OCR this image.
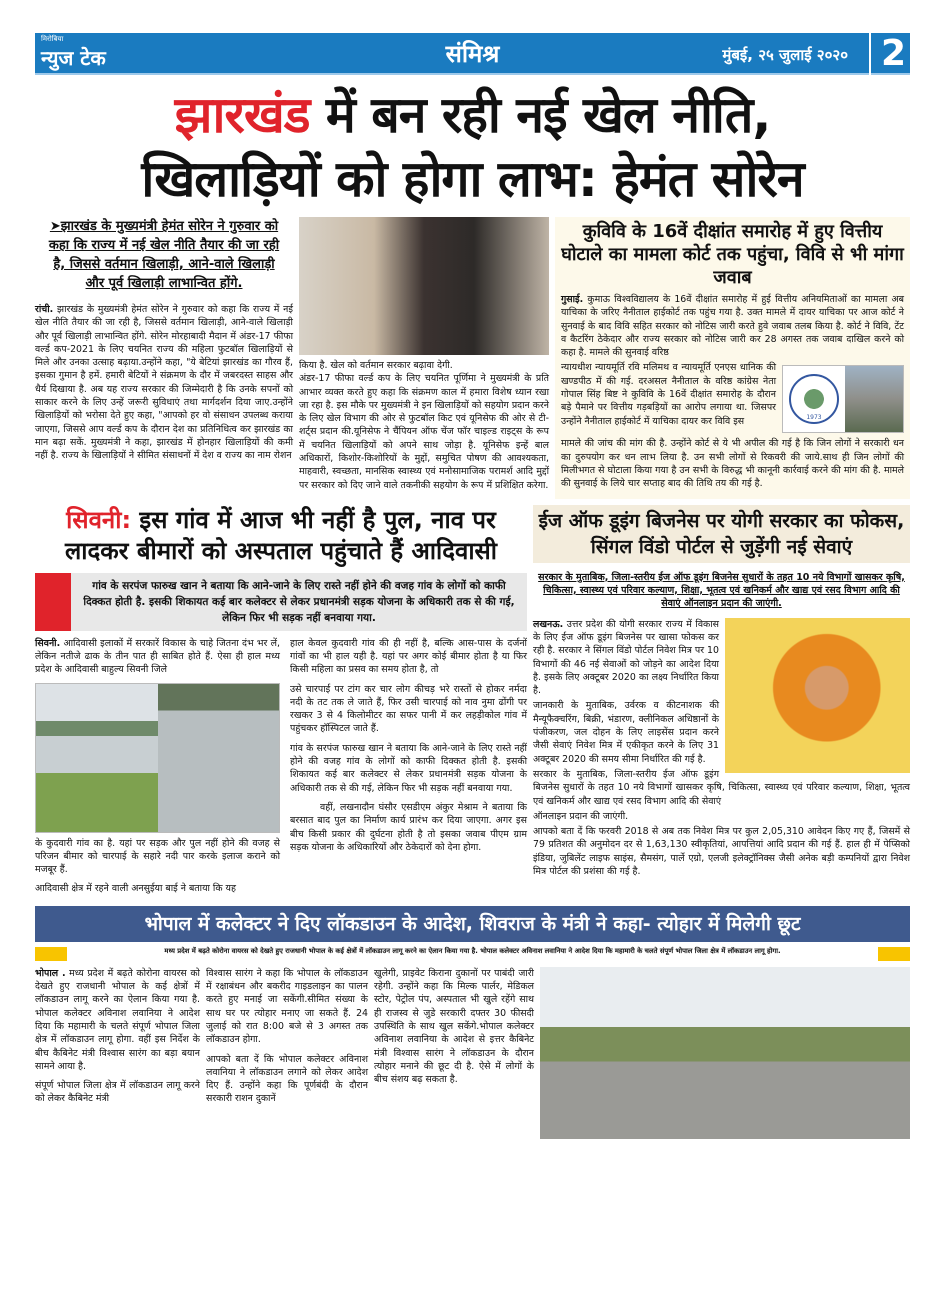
मिरोबिया
न्युज टेक	संमिश्र	मुंबई, २५ जुलाई २०२० 2
झारखंड में बन रही नई खेल नीति,
खिलाड़ियों को होगा लाभ: हेमंत सोरेन
➤झारखंड के मुख्यमंत्री हेमंत सोरेन ने गुरुवार को कहा कि राज्य में नई खेल नीति तैयार की जा रही है, जिससे वर्तमान खिलाड़ी, आने-वाले खिलाड़ी और पूर्व खिलाड़ी लाभान्वित होंगे.

रांची. झारखंड के मुख्यमंत्री हेमंत सोरेन ने गुरुवार को कहा कि राज्य में नई खेल नीति तैयार की जा रही है, जिससे वर्तमान खिलाड़ी, आने-वाले खिलाड़ी और पूर्व खिलाड़ी लाभान्वित होंगे. सोरेन मोरहाबादी मैदान में अंडर-17 फीफा वर्ल्ड कप-2021 के लिए चयनित राज्य की महिला फुटबॉल खिलाड़ियों से मिले और उनका उत्साह बढ़ाया.उन्होंने कहा, "ये बेटियां झारखंड का गौरव हैं, इसका गुमान है हमें. हमारी बेटियों ने संक्रमण के दौर में जबरदस्त साहस और धैर्य दिखाया है. अब यह राज्य सरकार की जिम्मेदारी है कि उनके सपनों को साकार करने के लिए उन्हें जरूरी सुविधाएं तथा मार्गदर्शन दिया जाए.उन्होंने खिलाड़ियों को भरोसा देते हुए कहा, "आपको हर वो संसाधन उपलब्ध कराया जाएगा, जिससे आप वर्ल्ड कप के दौरान देश का प्रतिनिधित्व कर झारखंड का मान बढ़ा सकें. मुख्यमंत्री ने कहा, झारखंड में होनहार खिलाड़ियों की कमी नहीं है. राज्य के खिलाड़ियों ने सीमित संसाधनों में देश व राज्य का नाम रोशन

किया है. खेल को वर्तमान सरकार बढ़ावा देगी.
अंडर-17 फीफा वर्ल्ड कप के लिए चयनित पूर्णिमा ने मुख्यमंत्री के प्रति आभार व्यक्त करते हुए कहा कि संक्रमण काल में हमारा विशेष ध्यान रखा जा रहा है. इस मौके पर मुख्यमंत्री ने इन खिलाड़ियों को सहयोग प्रदान करने के लिए खेल विभाग की ओर से फुटबॉल किट एवं यूनिसेफ की ओर से टी-शर्ट्स प्रदान की.यूनिसेफ ने चैंपियन ऑफ चेंज फॉर चाइल्ड राइट्स के रूप में चयनित खिलाड़ियों को अपने साथ जोड़ा है. यूनिसेफ इन्हें बाल अधिकारों, किशोर-किशोरियों के मुद्दों, समुचित पोषण की आवश्यकता, माहवारी, स्वच्छता, मानसिक स्वास्थ्य एवं मनोसामाजिक परामर्श आदि मुद्दों पर सरकार को दिए जाने वाले तकनीकी सहयोग के रूप में प्रशिक्षित करेगा.

कुविवि के 16वें दीक्षांत समारोह में हुए वित्तीय घोटाले का मामला कोर्ट तक पहुंचा, विवि से भी मांगा जवाब

गुसाई. कुमाऊ विश्वविद्यालय के 16वें दीक्षांत समारोह में हुई वित्तीय अनियमिताओं का मामला अब याचिका के जरिए नैनीताल हाईकोर्ट तक पहुंच गया है. उक्त मामले में दायर याचिका पर आज कोर्ट ने सुनवाई के बाद विवि सहित सरकार को नोटिस जारी करते हुवे जवाब तलब किया है. कोर्ट ने विवि, टेंट व कैटरिंग ठेकेदार और राज्य सरकार को नोटिस जारी कर 28 अगस्त तक जवाब दाखिल करने को कहा है. मामले की सुनवाई वरिष्ठ

1973

न्यायधीश न्यायमूर्ति रवि मलिमथ व न्यायमूर्ति एनएस धानिक की खण्डपीठ में की गई. दरअसल नैनीताल के वरिष्ठ कांग्रेस नेता गोपाल सिंह बिष्ट ने कुविवि के 16वें दीक्षांत समारोह के दौरान बड़े पैमाने पर वित्तीय गड़बड़ियों का आरोप लगाया था. जिसपर उन्होंने नैनीताल हाईकोर्ट में याचिका दायर कर विवि इस

मामले की जांच की मांग की है. उन्होंने कोर्ट से ये भी अपील की गई है कि जिन लोगों ने सरकारी धन का दुरुपयोग कर धन लाभ लिया है. उन सभी लोगों से रिकवरी की जाये.साथ ही जिन लोगों की मिलीभगत से घोटाला किया गया है उन सभी के विरुद्ध भी कानूनी कार्रवाई करने की मांग की है. मामले की सुनवाई के लिये चार सप्ताह बाद की तिथि तय की गई है.

सिवनी: इस गांव में आज भी नहीं है पुल, नाव पर लादकर बीमारों को अस्पताल पहुंचाते हैं आदिवासी
गांव के सरपंज फारुख खान ने बताया कि आने-जाने के लिए रास्ते नहीं होने की वजह गांव के लोगों को काफी दिक्कत होती है. इसकी शिकायत कई बार कलेक्टर से लेकर प्रधानमंत्री सड़क योजना के अधिकारी तक से की गई, लेकिन फिर भी सड़क नहीं बनवाया गया.

सिवनी. आदिवासी इलाकों में सरकारें विकास के चाहे जितना दंभ भर लें, लेकिन नतीजे ढाक के तीन पात ही साबित होते हैं. ऐसा ही हाल मध्य प्रदेश के आदिवासी बाहुल्य सिवनी जिले

के कुदवारी गांव का है. यहां पर सड़क और पुल नहीं होने की वजह से परिजन बीमार को चारपाई के सहारे नदी पार करके इलाज कराने को मजबूर हैं.

आदिवासी क्षेत्र में रहने वाली अनसुईया बाई ने बताया कि यह

हाल केवल कुदवारी गांव की ही नहीं है, बल्कि आस-पास के दर्जनों गांवों का भी हाल यही है. यहां पर अगर कोई बीमार होता है या फिर किसी महिला का प्रसव का समय होता है, तो

उसे चारपाई पर टांग कर चार लोग कीचड़ भरे रास्तों से होकर नर्मदा नदी के तट तक ले जाते हैं, फिर उसी चारपाई को नाव नुमा ढोंगी पर रखकर 3 से 4 किलोमीटर का सफर पानी में कर लहड़ीकोल गांव में पहुंचकर हॉस्पिटल जाते हैं.

गांव के सरपंज फारुख खान ने बताया कि आने-जाने के लिए रास्ते नहीं होने की वजह गांव के लोगों को काफी दिक्कत होती है. इसकी शिकायत कई बार कलेक्टर से लेकर प्रधानमंत्री सड़क योजना के अधिकारी तक से की गई, लेकिन फिर भी सड़क नहीं बनवाया गया.

वहीं, लखनादौन घंसौर एसडीएम अंकुर मेश्राम ने बताया कि बरसात बाद पुल का निर्माण कार्य प्रारंभ कर दिया जाएगा. अगर इस बीच किसी प्रकार की दुर्घटना होती है तो इसका जवाब पीएम ग्राम सड़क योजना के अधिकारियों और ठेकेदारों को देना होगा.

ईज ऑफ डूइंग बिजनेस पर योगी सरकार का फोकस, सिंगल विंडो पोर्टल से जुड़ेंगी नई सेवाएं
सरकार के मुताबिक, जिला-स्तरीय ईज ऑफ डूइंग बिजनेस सुधारों के तहत 10 नये विभागों खासकर कृषि, चिकित्सा, स्वास्थ्य एवं परिवार कल्याण, शिक्षा, भूतत्व एवं खनिकर्म और खाद्य एवं रसद विभाग आदि की सेवाएं ऑनलाइन प्रदान की जाएंगी.

लखनऊ. उत्तर प्रदेश की योगी सरकार राज्य में विकास के लिए ईज ऑफ डूइंग बिजनेस पर खासा फोकस कर रही है. सरकार ने सिंगल विंडो पोर्टल निवेश मित्र पर 10 विभागों की 46 नई सेवाओं को जोड़ने का आदेश दिया है. इसके लिए अक्टूबर 2020 का लक्ष्य निर्धारित किया है.

जानकारी के मुताबिक, उर्वरक व कीटनाशक की मैन्यूफैक्चरिंग, बिक्री, भंडारण, क्लीनिकल अधिष्ठानों के पंजीकरण, जल दोहन के लिए लाइसेंस प्रदान करने जैसी सेवाएं निवेश मित्र में एकीकृत करने के लिए 31 अक्टूबर 2020 की समय सीमा निर्धारित की गई है.

सरकार के मुताबिक, जिला-स्तरीय ईज ऑफ डूइंग बिजनेस सुधारों के तहत 10 नये विभागों खासकर कृषि, चिकित्सा, स्वास्थ्य एवं परिवार कल्याण, शिक्षा, भूतत्व एवं खनिकर्म और खाद्य एवं रसद विभाग आदि की सेवाएं

ऑनलाइन प्रदान की जाएंगी.

आपको बता दें कि फरवरी 2018 से अब तक निवेश मित्र पर कुल 2,05,310 आवेदन किए गए हैं, जिसमें से 79 प्रतिशत की अनुमोदन दर से 1,63,130 स्वीकृतियां, आपत्तियां आदि प्रदान की गई हैं. हाल ही में पेप्सिको इंडिया, जुबिलेंट लाइफ साइंस, सैमसंग, पार्ले एग्रो, एलजी इलेक्ट्रॉनिक्स जैसी अनेक बड़ी कम्पनियों द्वारा निवेश मित्र पोर्टल की प्रशंसा की गई है.

भोपाल में कलेक्टर ने दिए लॉकडाउन के आदेश, शिवराज के मंत्री ने कहा- त्योहार में मिलेगी छूट
मध्य प्रदेश में बढ़ते कोरोना वायरस को देखते हुए राजधानी भोपाल के कई क्षेत्रों में लॉकडाउन लागू करने का ऐलान किया गया है. भोपाल कलेक्टर अविनाश लवानिया ने आदेश दिया कि महामारी के चलते संपूर्ण भोपाल जिला क्षेत्र में लॉकडाउन लागू होगा.

भोपाल . मध्य प्रदेश में बढ़ते कोरोना वायरस को देखते हुए राजधानी भोपाल के कई क्षेत्रों में लॉकडाउन लागू करने का ऐलान किया गया है. भोपाल कलेक्टर अविनाश लवानिया ने आदेश दिया कि महामारी के चलते संपूर्ण भोपाल जिला क्षेत्र में लॉकडाउन लागू होगा. वहीं इस निर्देश के बीच कैबिनेट मंत्री विश्वास सारंग का बड़ा बयान सामने आया है.

संपूर्ण भोपाल जिला क्षेत्र में लॉकडाउन लागू करने को लेकर कैबिनेट मंत्री

विश्वास सारंग ने कहा कि भोपाल के लॉकडाउन में रक्षाबंधन और बकरीद गाइडलाइन का पालन करते हुए मनाई जा सकेंगी.सीमित संख्या के साथ घर पर त्योहार मनाए जा सकते हैं. 24 जुलाई को रात 8:00 बजे से 3 अगस्त तक लॉकडाउन होगा.

आपको बता दें कि भोपाल कलेक्टर अविनाश लवानिया ने लॉकडाउन लगाने को लेकर आदेश दिए हैं. उन्होंने कहा कि पूर्णबंदी के दौरान सरकारी राशन दुकानें

खुलेगी, प्राइवेट किराना दुकानों पर पाबंदी जारी रहेगी. उन्होंने कहा कि मिल्क पार्लर, मेडिकल स्टोर, पेट्रोल पंप, अस्पताल भी खुले रहेंगे साथ ही राजस्व से जुडे सरकारी दफ्तर 30 फीसदी उपस्थिति के साथ खुल सकेंगे.भोपाल कलेक्टर अविनाश लवानिया के आदेश से इत्तर कैबिनेट मंत्री विश्वास सारंग ने लॉकडाउन के दौरान त्योहार मनाने की छूट दी है. ऐसे में लोगों के बीच संशय बढ़ सकता है.
